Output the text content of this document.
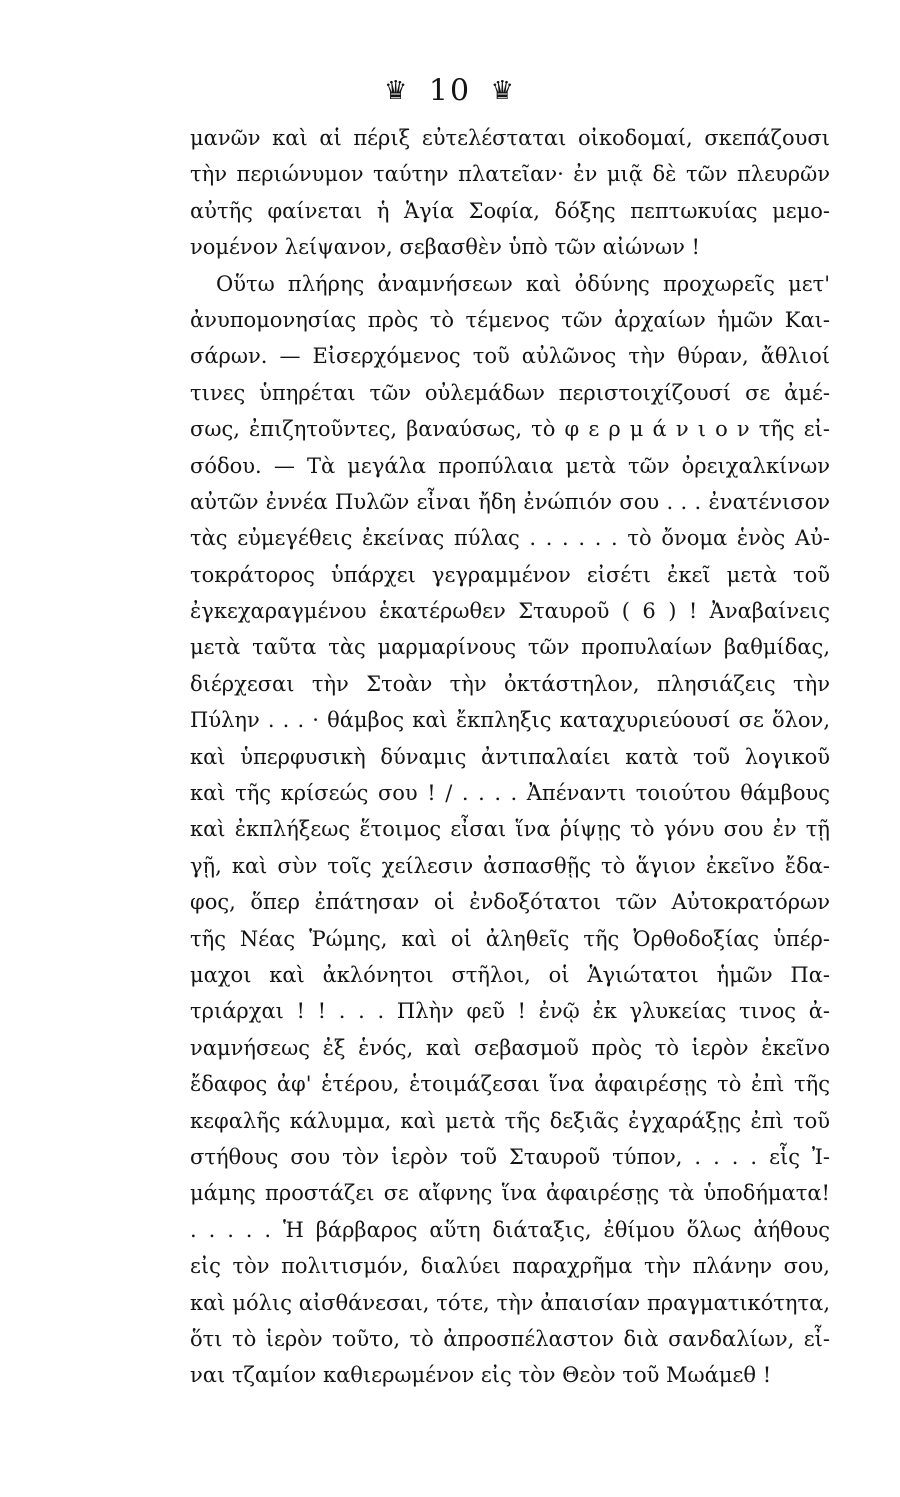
♛ 10 ♛
μανῶν καὶ αἱ πέριξ εὐτελέσταται οἰκοδομαί, σκεπάζουσι
τὴν περιώνυμον ταύτην πλατεῖαν· ἐν μιᾷ δὲ τῶν πλευρῶν
αὐτῆς φαίνεται ἡ Ἁγία Σοφία, δόξης πεπτωκυίας μεμο-
νομένον λείψανον, σεβασθὲν ὑπὸ τῶν αἰώνων !
Οὕτω πλήρης ἀναμνήσεων καὶ ὀδύνης προχωρεῖς μετ'
ἀνυπομονησίας πρὸς τὸ τέμενος τῶν ἀρχαίων ἡμῶν Και-
σάρων. — Εἰσερχόμενος τοῦ αὐλῶνος τὴν θύραν, ἄθλιοί
τινες ὑπηρέται τῶν οὐλεμάδων περιστοιχίζουσί σε ἀμέ-
σως, ἐπιζητοῦντες, βαναύσως, τὸ φ ε ρ μ ά ν ι ο ν τῆς εἰ-
σόδου. — Τὰ μεγάλα προπύλαια μετὰ τῶν ὀρειχαλκίνων
αὐτῶν ἐννέα Πυλῶν εἶναι ἤδη ἐνώπιόν σου . . . ἐνατένισον
τὰς εὐμεγέθεις ἐκείνας πύλας . . . . . . τὸ ὄνομα ἑνὸς Αὐ-
τοκράτορος ὑπάρχει γεγραμμένον εἰσέτι ἐκεῖ μετὰ τοῦ
ἐγκεχαραγμένου ἑκατέρωθεν Σταυροῦ ( 6 ) ! Ἀναβαίνεις
μετὰ ταῦτα τὰς μαρμαρίνους τῶν προπυλαίων βαθμίδας,
διέρχεσαι τὴν Στοὰν τὴν ὀκτάστηλον, πλησιάζεις τὴν
Πύλην . . . · θάμβος καὶ ἔκπληξις καταχυριεύουσί σε ὅλον,
καὶ ὑπερφυσικὴ δύναμις ἀντιπαλαίει κατὰ τοῦ λογικοῦ
καὶ τῆς κρίσεώς σου ! / . . . . Ἀπέναντι τοιούτου θάμβους
καὶ ἐκπλήξεως ἕτοιμος εἶσαι ἵνα ῥίψῃς τὸ γόνυ σου ἐν τῇ
γῇ, καὶ σὺν τοῖς χείλεσιν ἀσπασθῇς τὸ ἅγιον ἐκεῖνο ἔδα-
φος, ὅπερ ἐπάτησαν οἱ ἐνδοξότατοι τῶν Αὐτοκρατόρων
τῆς Νέας Ῥώμης, καὶ οἱ ἀληθεῖς τῆς Ὀρθοδοξίας ὑπέρ-
μαχοι καὶ ἀκλόνητοι στῆλοι, οἱ Ἁγιώτατοι ἡμῶν Πα-
τριάρχαι ! ! . . . Πλὴν φεῦ ! ἐνῷ ἐκ γλυκείας τινος ἀ-
ναμνήσεως ἐξ ἑνός, καὶ σεβασμοῦ πρὸς τὸ ἱερὸν ἐκεῖνο
ἔδαφος ἀφ' ἑτέρου, ἑτοιμάζεσαι ἵνα ἀφαιρέσῃς τὸ ἐπὶ τῆς
κεφαλῆς κάλυμμα, καὶ μετὰ τῆς δεξιᾶς ἐγχαράξῃς ἐπὶ τοῦ
στήθους σου τὸν ἱερὸν τοῦ Σταυροῦ τύπον, . . . . εἷς Ἰ-
μάμης προστάζει σε αἴφνης ἵνα ἀφαιρέσῃς τὰ ὑποδήματα!
. . . . . Ἡ βάρβαρος αὕτη διάταξις, ἐθίμου ὅλως ἀήθους
εἰς τὸν πολιτισμόν, διαλύει παραχρῆμα τὴν πλάνην σου,
καὶ μόλις αἰσθάνεσαι, τότε, τὴν ἀπαισίαν πραγματικότητα,
ὅτι τὸ ἱερὸν τοῦτο, τὸ ἀπροσπέλαστον διὰ σανδαλίων, εἶ-
ναι τζαμίον καθιερωμένον εἰς τὸν Θεὸν τοῦ Μωάμεθ !
